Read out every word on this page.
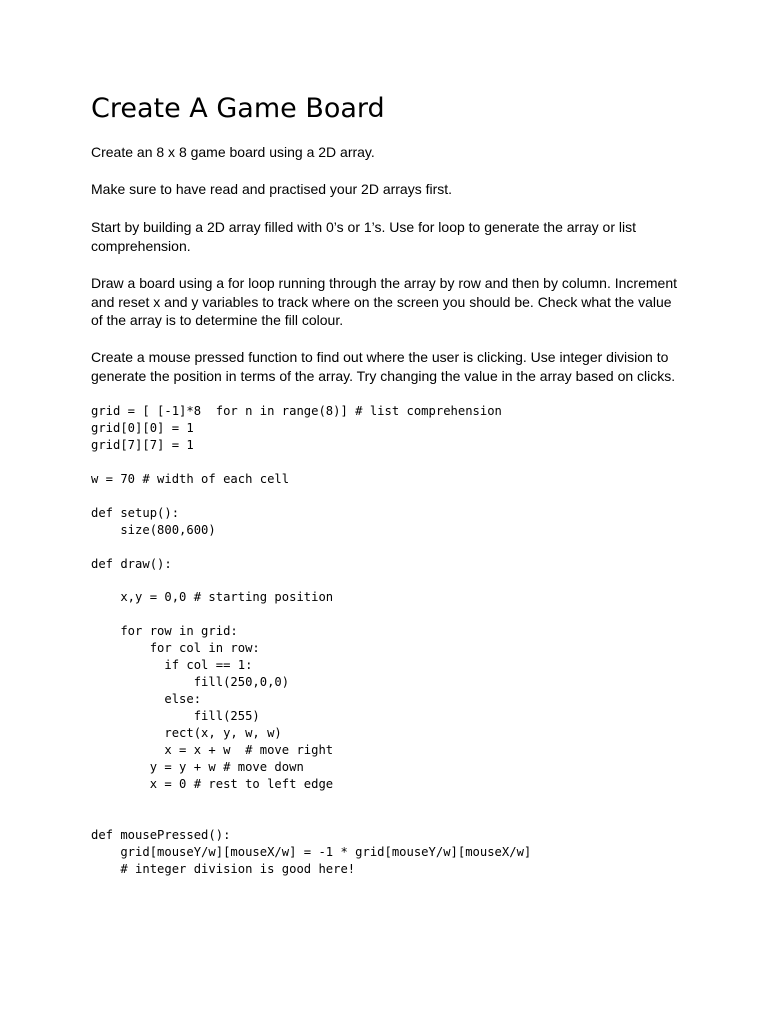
Create A Game Board

Create an 8 x 8 game board using a 2D array.

Make sure to have read and practised your 2D arrays first.

Start by building a 2D array filled with 0’s or 1’s. Use for loop to generate the array or list comprehension.

Draw a board using a for loop running through the array by row and then by column. Increment and reset x and y variables to track where on the screen you should be. Check what the value of the array is to determine the fill colour.

Create a mouse pressed function to find out where the user is clicking. Use integer division to generate the position in terms of the array. Try changing the value in the array based on clicks.

grid = [ [-1]*8  for n in range(8)] # list comprehension
grid[0][0] = 1
grid[7][7] = 1
w = 70 # width of each cell
def setup():
size(800,600)
def draw():
x,y = 0,0 # starting position
for row in grid:
for col in row:
if col == 1:
fill(250,0,0)
else:
fill(255)
rect(x, y, w, w)
x = x + w  # move right
y = y + w # move down
x = 0 # rest to left edge
def mousePressed():
grid[mouseY/w][mouseX/w] = -1 * grid[mouseY/w][mouseX/w]
# integer division is good here!
